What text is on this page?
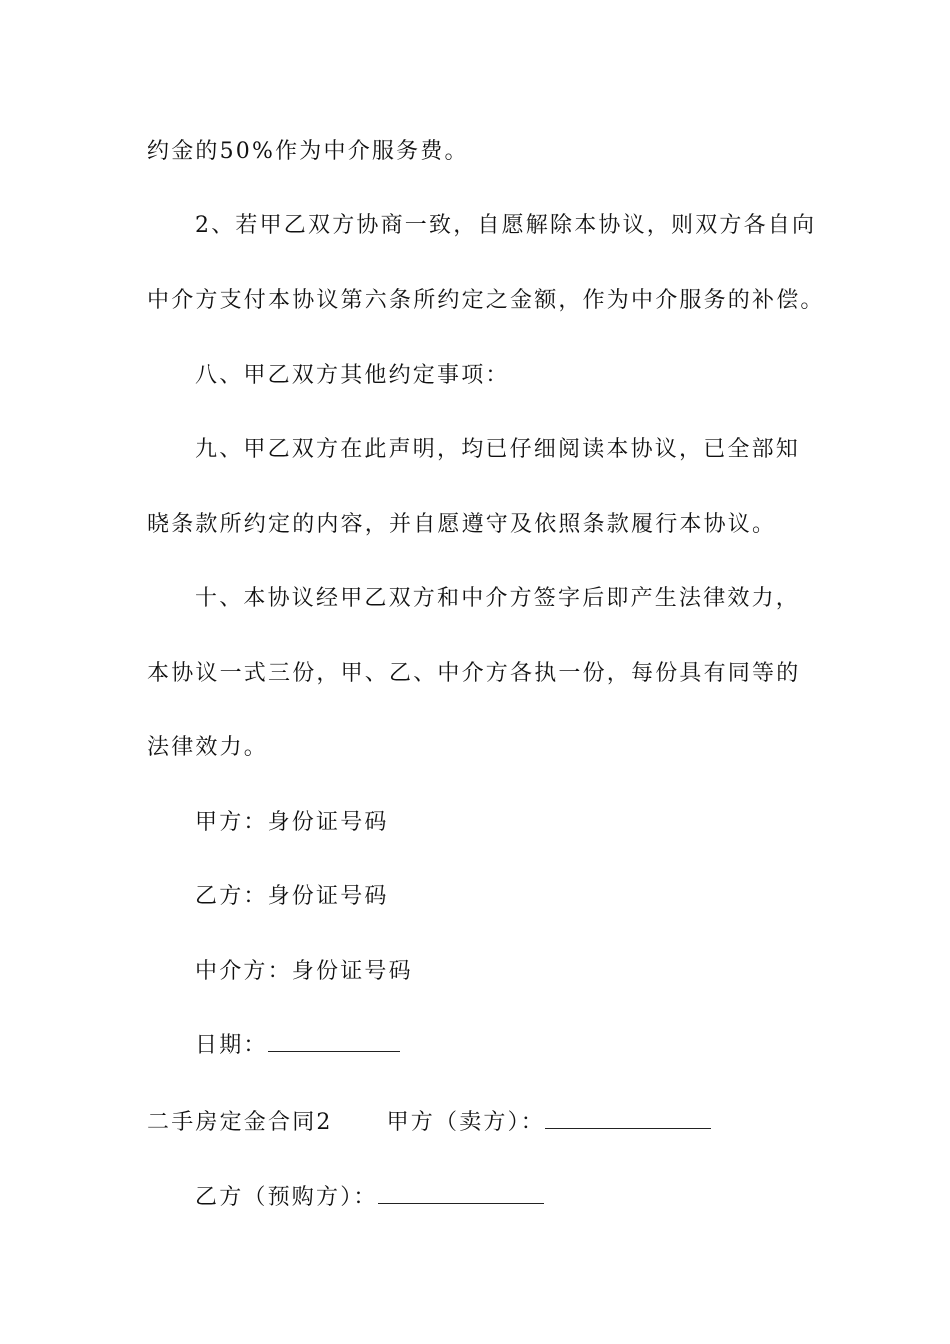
约金的50%作为中介服务费。
2、若甲乙双方协商一致，自愿解除本协议，则双方各自向
中介方支付本协议第六条所约定之金额，作为中介服务的补偿。
八、甲乙双方其他约定事项：
九、甲乙双方在此声明，均已仔细阅读本协议，已全部知
晓条款所约定的内容，并自愿遵守及依照条款履行本协议。
十、本协议经甲乙双方和中介方签字后即产生法律效力，
本协议一式三份，甲、乙、中介方各执一份，每份具有同等的
法律效力。
甲方：身份证号码
乙方：身份证号码
中介方：身份证号码
日期：
二手房定金合同2 甲方（卖方）：
乙方（预购方）：
